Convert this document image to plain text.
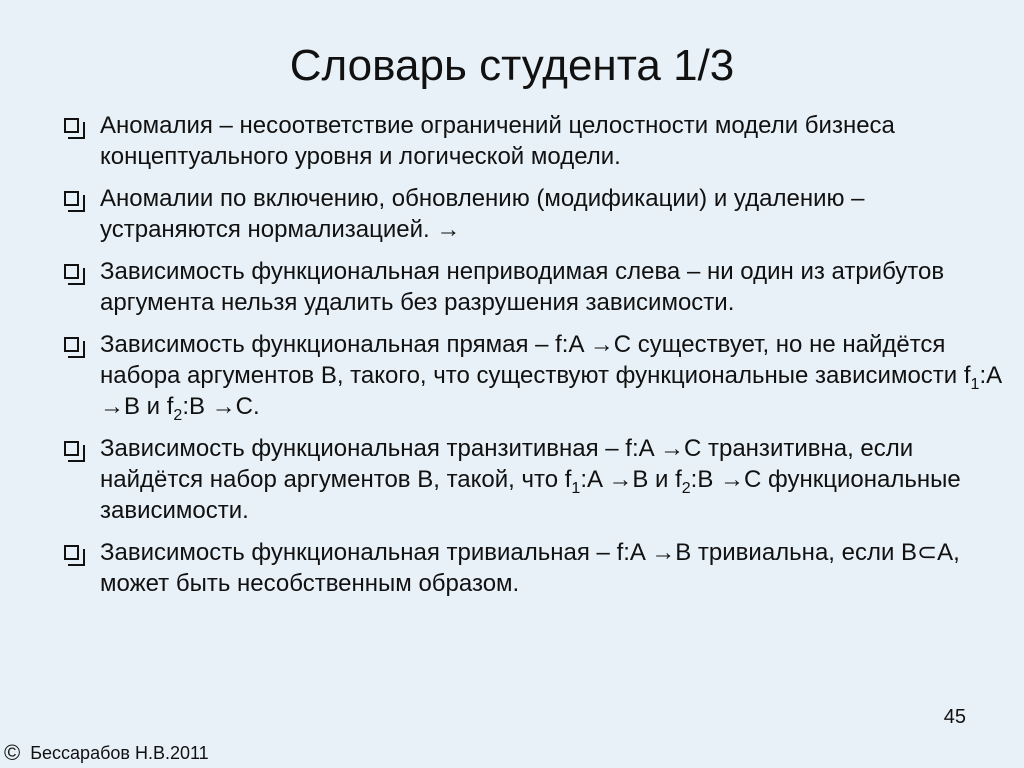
Словарь студента 1/3
Аномалия – несоответствие ограничений целостности модели бизнеса концептуального уровня и логической модели.
Аномалии по включению, обновлению (модификации) и удалению – устраняются нормализацией. →
Зависимость функциональная неприводимая слева – ни один из атрибутов аргумента нельзя удалить без разрушения зависимости.
Зависимость функциональная прямая – f:A →C существует, но не найдётся набора аргументов B, такого, что существуют функциональные зависимости $f_1:A \to B$ и $f_2:B \to C$.
Зависимость функциональная транзитивная – f:A →C транзитивна, если найдётся набор аргументов B, такой, что $f_1:A \to B$ и $f_2:B \to C$ функциональные зависимости.
Зависимость функциональная тривиальная – f:A →B тривиальна, если B⊂A, может быть несобственным образом.
45
© Бессарабов Н.В.2011
